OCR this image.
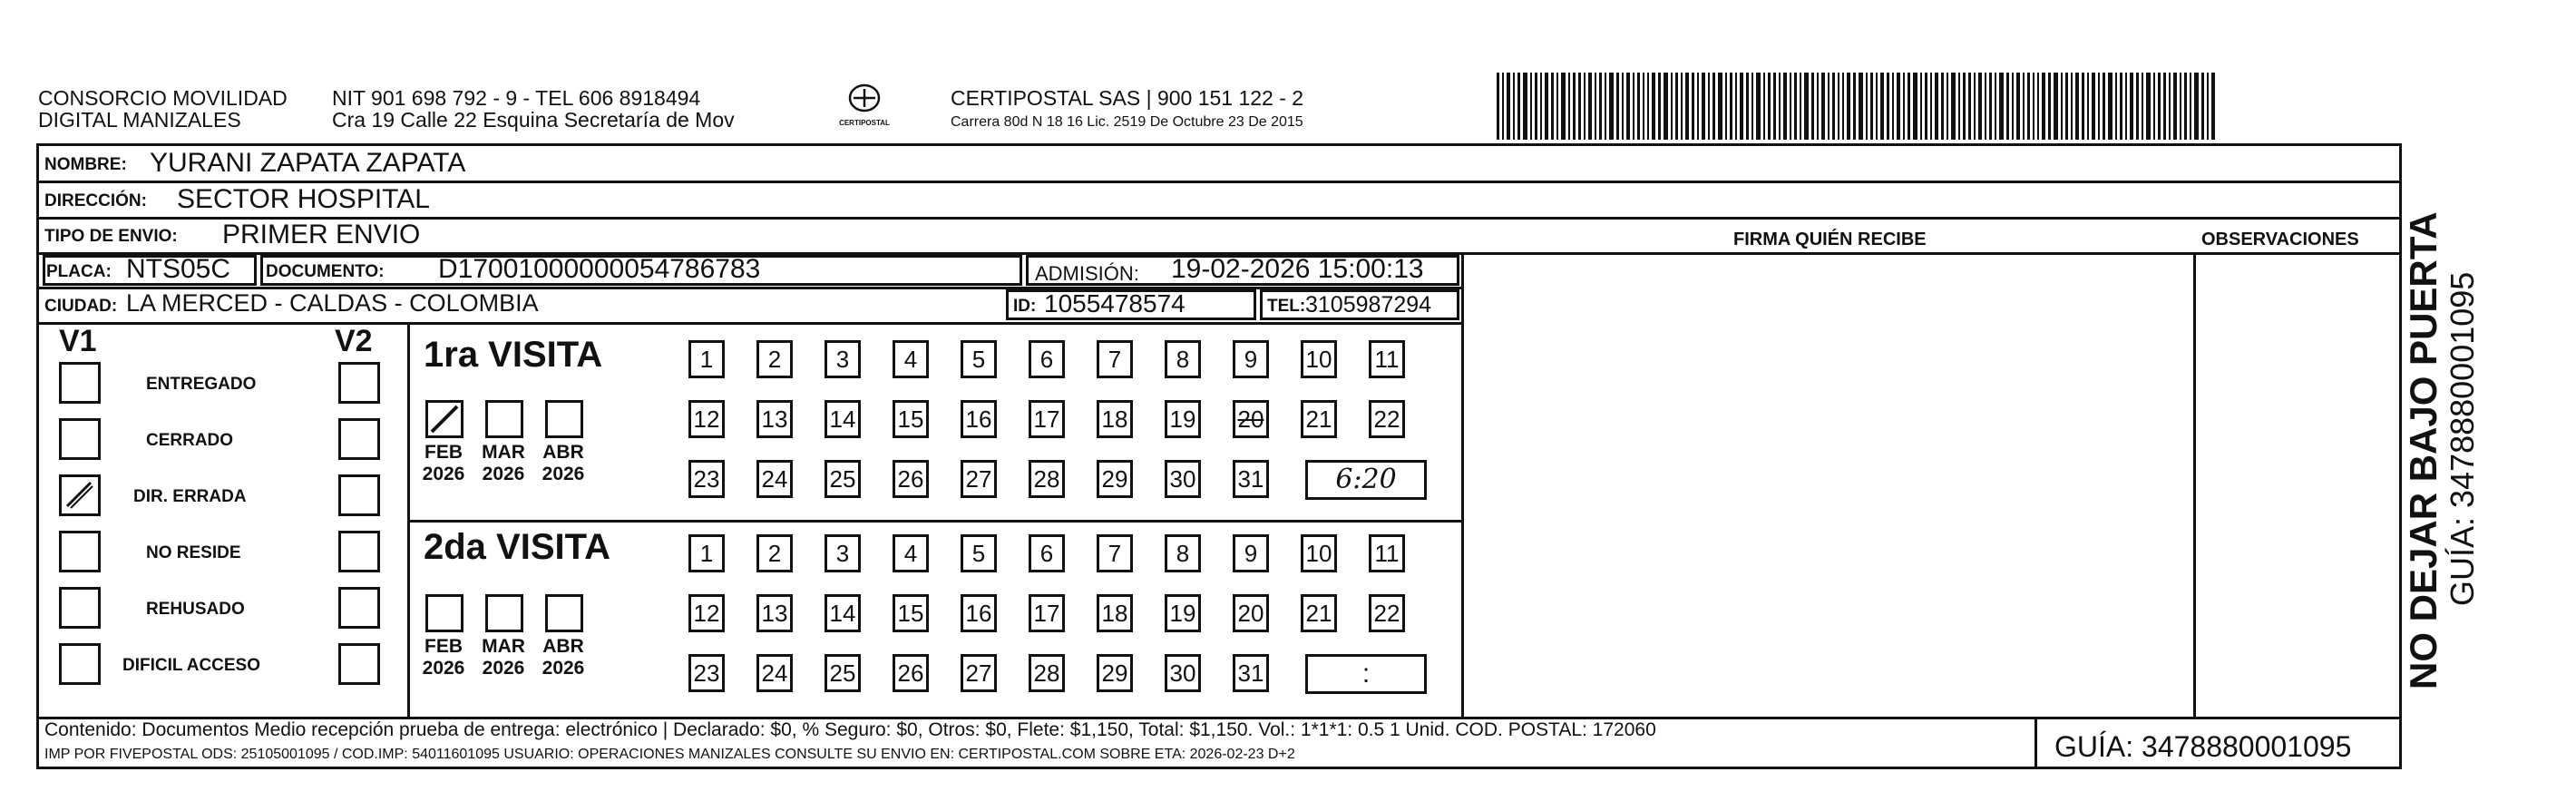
CONSORCIO MOVILIDAD
DIGITAL MANIZALES
NIT 901 698 792 - 9 - TEL 606 8918494
Cra 19 Calle 22 Esquina Secretaría de Mov	CERTIPOSTAL
CERTIPOSTAL SAS | 900 151 122 - 2
Carrera 80d N 18 16 Lic. 2519 De Octubre 23 De 2015
NOMBRE: YURANI ZAPATA ZAPATA
DIRECCIÓN: SECTOR HOSPITAL
TIPO DE ENVIO: PRIMER ENVIO	FIRMA QUIÉN RECIBE	OBSERVACIONES
PLACA: NTS05C DOCUMENTO: D17001000000054786783	ADMISIÓN: 19-02-2026 15:00:13
CIUDAD: LA MERCED - CALDAS - COLOMBIA	ID: 1055478574	TEL: 3105987294
V1	V2
ENTREGADO
CERRADO
DIR. ERRADA
NO RESIDE
REHUSADO
DIFICIL ACCESO
1ra VISITA
2da VISITA
FEB
2026
MAR
2026
ABR
2026
1	2	3	4	5	6	7	8	9	10 11
12 13 14 15 16 17 18 19 20 21 22
23 24 25 26 27 28 29 30 31	6:20
FEB
2026
MAR
2026
ABR
2026
1	2	3	4	5	6	7	8	9	10 11
12 13 14 15 16 17 18 19 20 21 22
23 24 25 26 27 28 29 30 31	:
Contenido: Documentos Medio recepción prueba de entrega: electrónico | Declarado: $0, % Seguro: $0, Otros: $0, Flete: $1,150, Total: $1,150. Vol.: 1*1*1: 0.5 1 Unid. COD. POSTAL: 172060
IMP POR FIVEPOSTAL ODS: 25105001095 / COD.IMP: 54011601095 USUARIO: OPERACIONES MANIZALES CONSULTE SU ENVIO EN: CERTIPOSTAL.COM SOBRE ETA: 2026-02-23 D+2	GUÍA: 3478880001095
NO DEJAR BAJO PUERTA GUÍA: 3478880001095
